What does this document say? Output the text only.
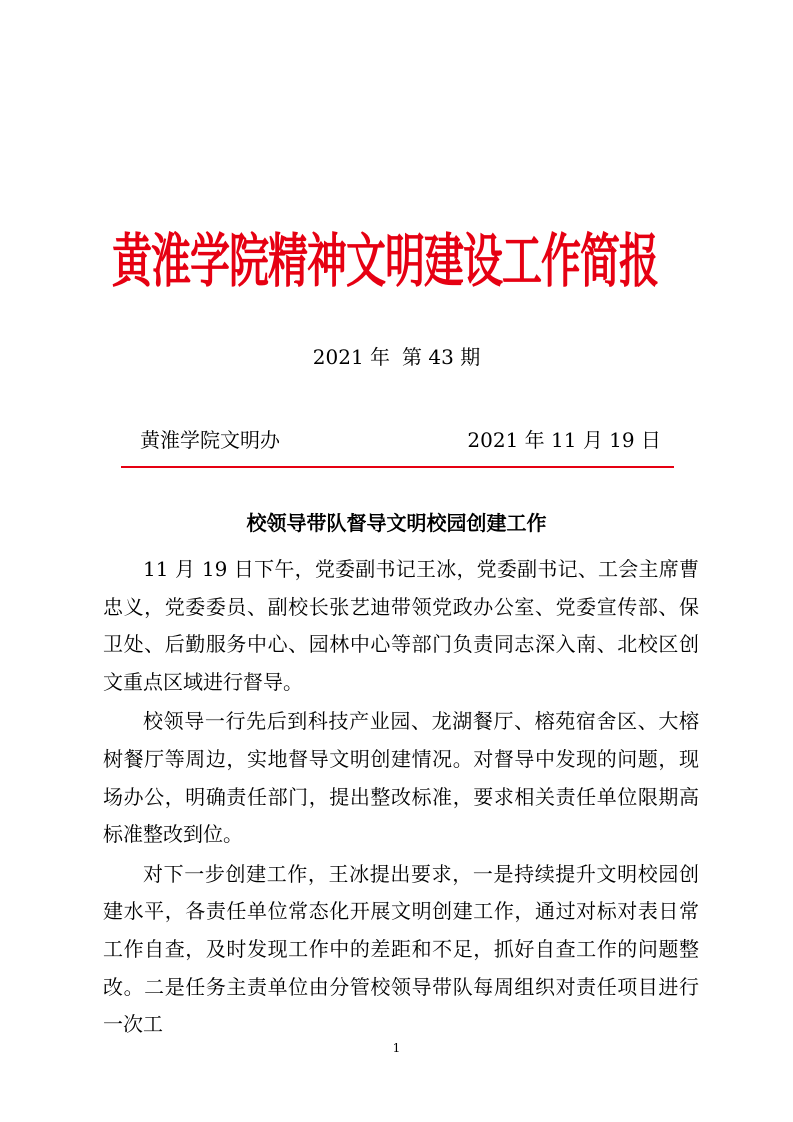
黄淮学院精神文明建设工作简报
2021 年 第 43 期
黄淮学院文明办	2021 年 11 月 19 日
校领导带队督导文明校园创建工作

11 月 19 日下午，党委副书记王冰，党委副书记、工会主席曹忠义，党委委员、副校长张艺迪带领党政办公室、党委宣传部、保卫处、后勤服务中心、园林中心等部门负责同志深入南、北校区创文重点区域进行督导。

校领导一行先后到科技产业园、龙湖餐厅、榕苑宿舍区、大榕树餐厅等周边，实地督导文明创建情况。对督导中发现的问题，现场办公，明确责任部门，提出整改标准，要求相关责任单位限期高标准整改到位。

对下一步创建工作，王冰提出要求，一是持续提升文明校园创建水平，各责任单位常态化开展文明创建工作，通过对标对表日常工作自查，及时发现工作中的差距和不足，抓好自查工作的问题整改。二是任务主责单位由分管校领导带队每周组织对责任项目进行一次工

1
